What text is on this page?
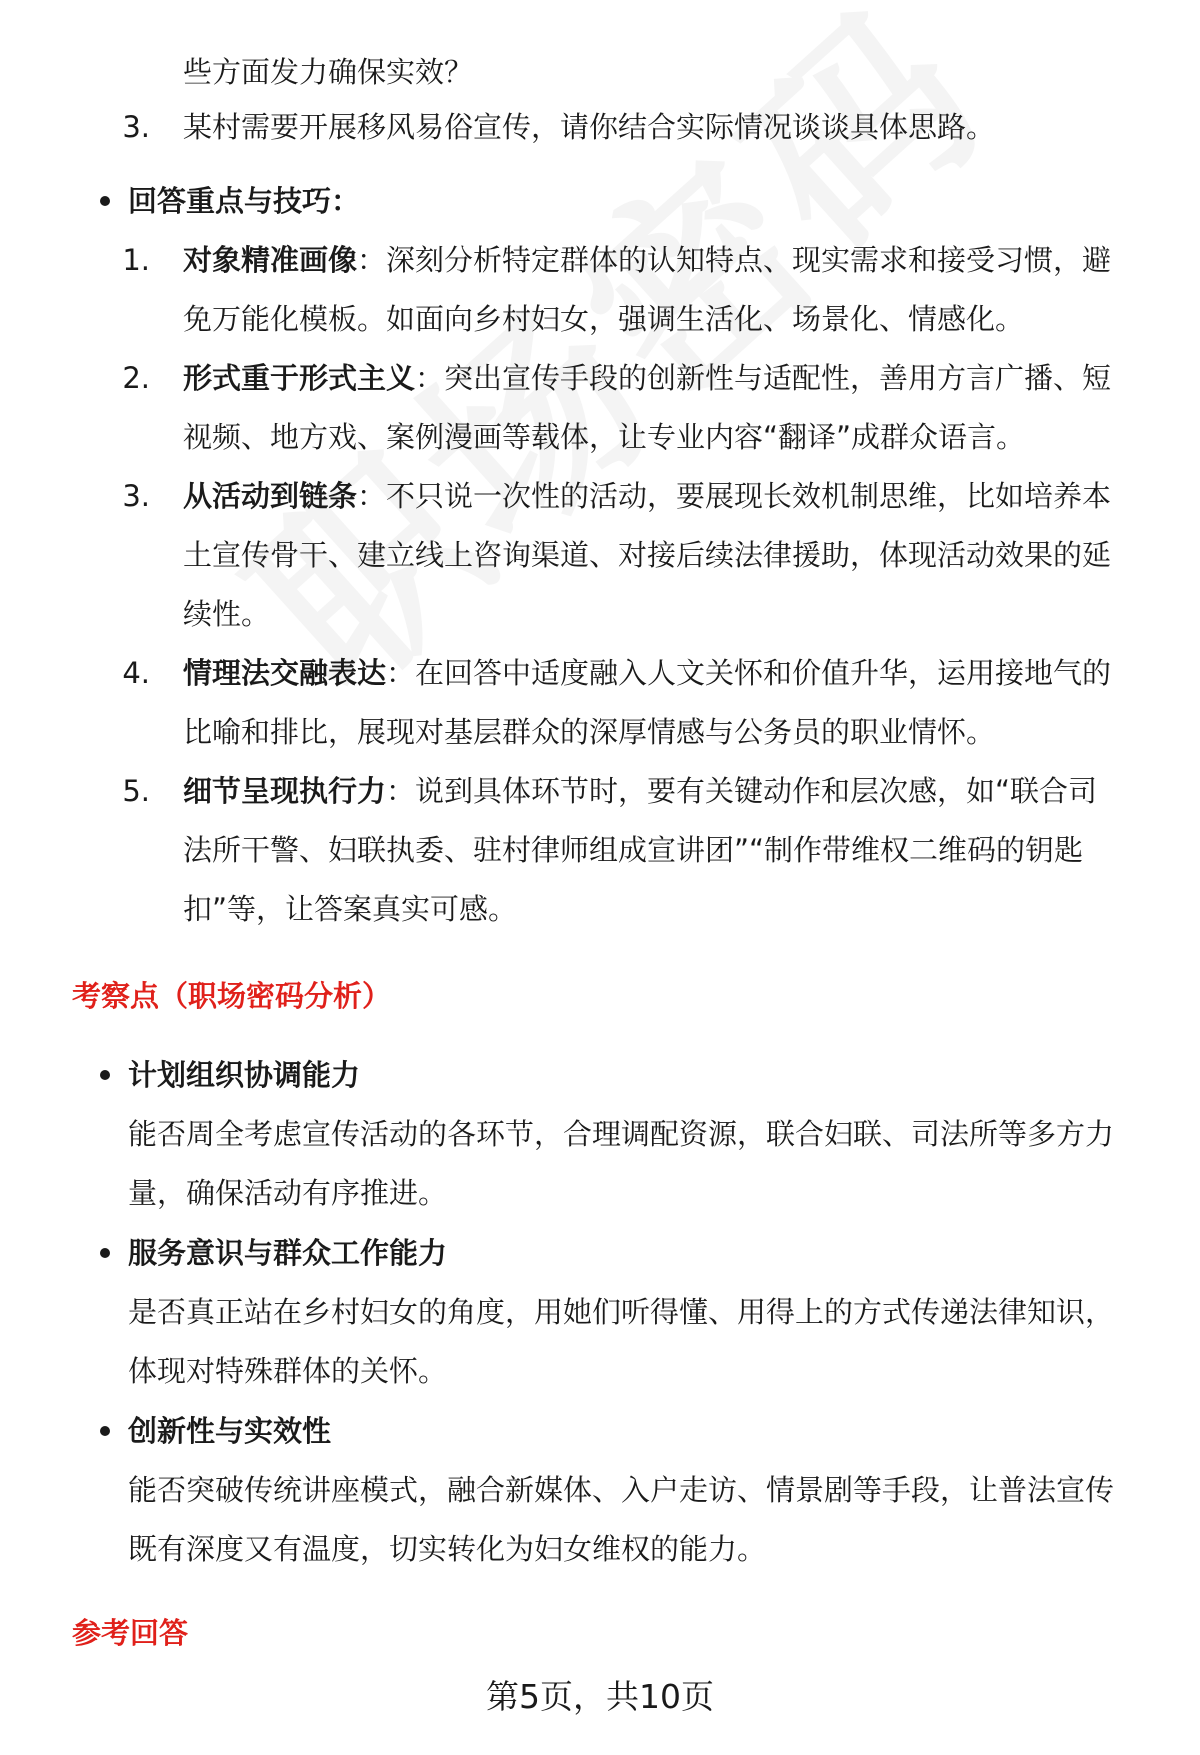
些方面发力确保实效？
3. 某村需要开展移风易俗宣传，请你结合实际情况谈谈具体思路。
回答重点与技巧：
1. 对象精准画像：深刻分析特定群体的认知特点、现实需求和接受习惯，避
免万能化模板。如面向乡村妇女，强调生活化、场景化、情感化。
2. 形式重于形式主义：突出宣传手段的创新性与适配性，善用方言广播、短
视频、地方戏、案例漫画等载体，让专业内容“翻译”成群众语言。
3. 从活动到链条：不只说一次性的活动，要展现长效机制思维，比如培养本
土宣传骨干、建立线上咨询渠道、对接后续法律援助，体现活动效果的延
续性。
4. 情理法交融表达：在回答中适度融入人文关怀和价值升华，运用接地气的
比喻和排比，展现对基层群众的深厚情感与公务员的职业情怀。
5. 细节呈现执行力：说到具体环节时，要有关键动作和层次感，如“联合司
法所干警、妇联执委、驻村律师组成宣讲团”“制作带维权二维码的钥匙
扣”等，让答案真实可感。
考察点（职场密码分析）
计划组织协调能力
能否周全考虑宣传活动的各环节，合理调配资源，联合妇联、司法所等多方力
量，确保活动有序推进。
服务意识与群众工作能力
是否真正站在乡村妇女的角度，用她们听得懂、用得上的方式传递法律知识，
体现对特殊群体的关怀。
创新性与实效性
能否突破传统讲座模式，融合新媒体、入户走访、情景剧等手段，让普法宣传
既有深度又有温度，切实转化为妇女维权的能力。
参考回答
第5页，共10页
